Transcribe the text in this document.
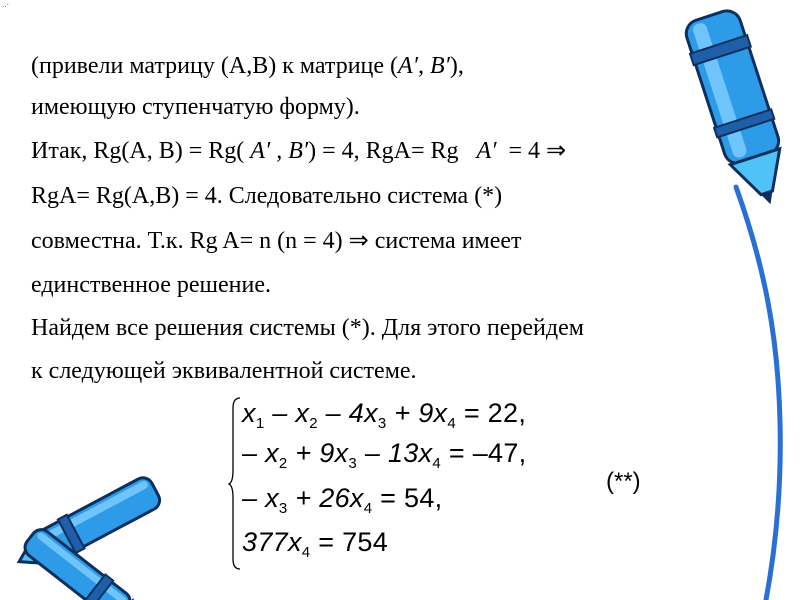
..·
(привели матрицу (А,В) к матрице (A′, B′),
имеющую ступенчатую форму).
Итак, Rg(A, B) = Rg( A′ , B′) = 4, RgA= Rg A′ = 4 ⇒
RgA= Rg(A,B) = 4. Следовательно система (*)
совместна. Т.к. Rg A= n (n = 4) ⇒ система имеет
единственное решение.
Найдем все решения системы (*). Для этого перейдем
к следующей эквивалентной системе.
$x_1 - x_2 - 4x_3 + 9x_4 = 22$,
– $x_2 + 9x_3 - 13x_4 = -47$,
– $x_3 + 26x_4 = 54$,
$377x_4 = 754$
(**)
